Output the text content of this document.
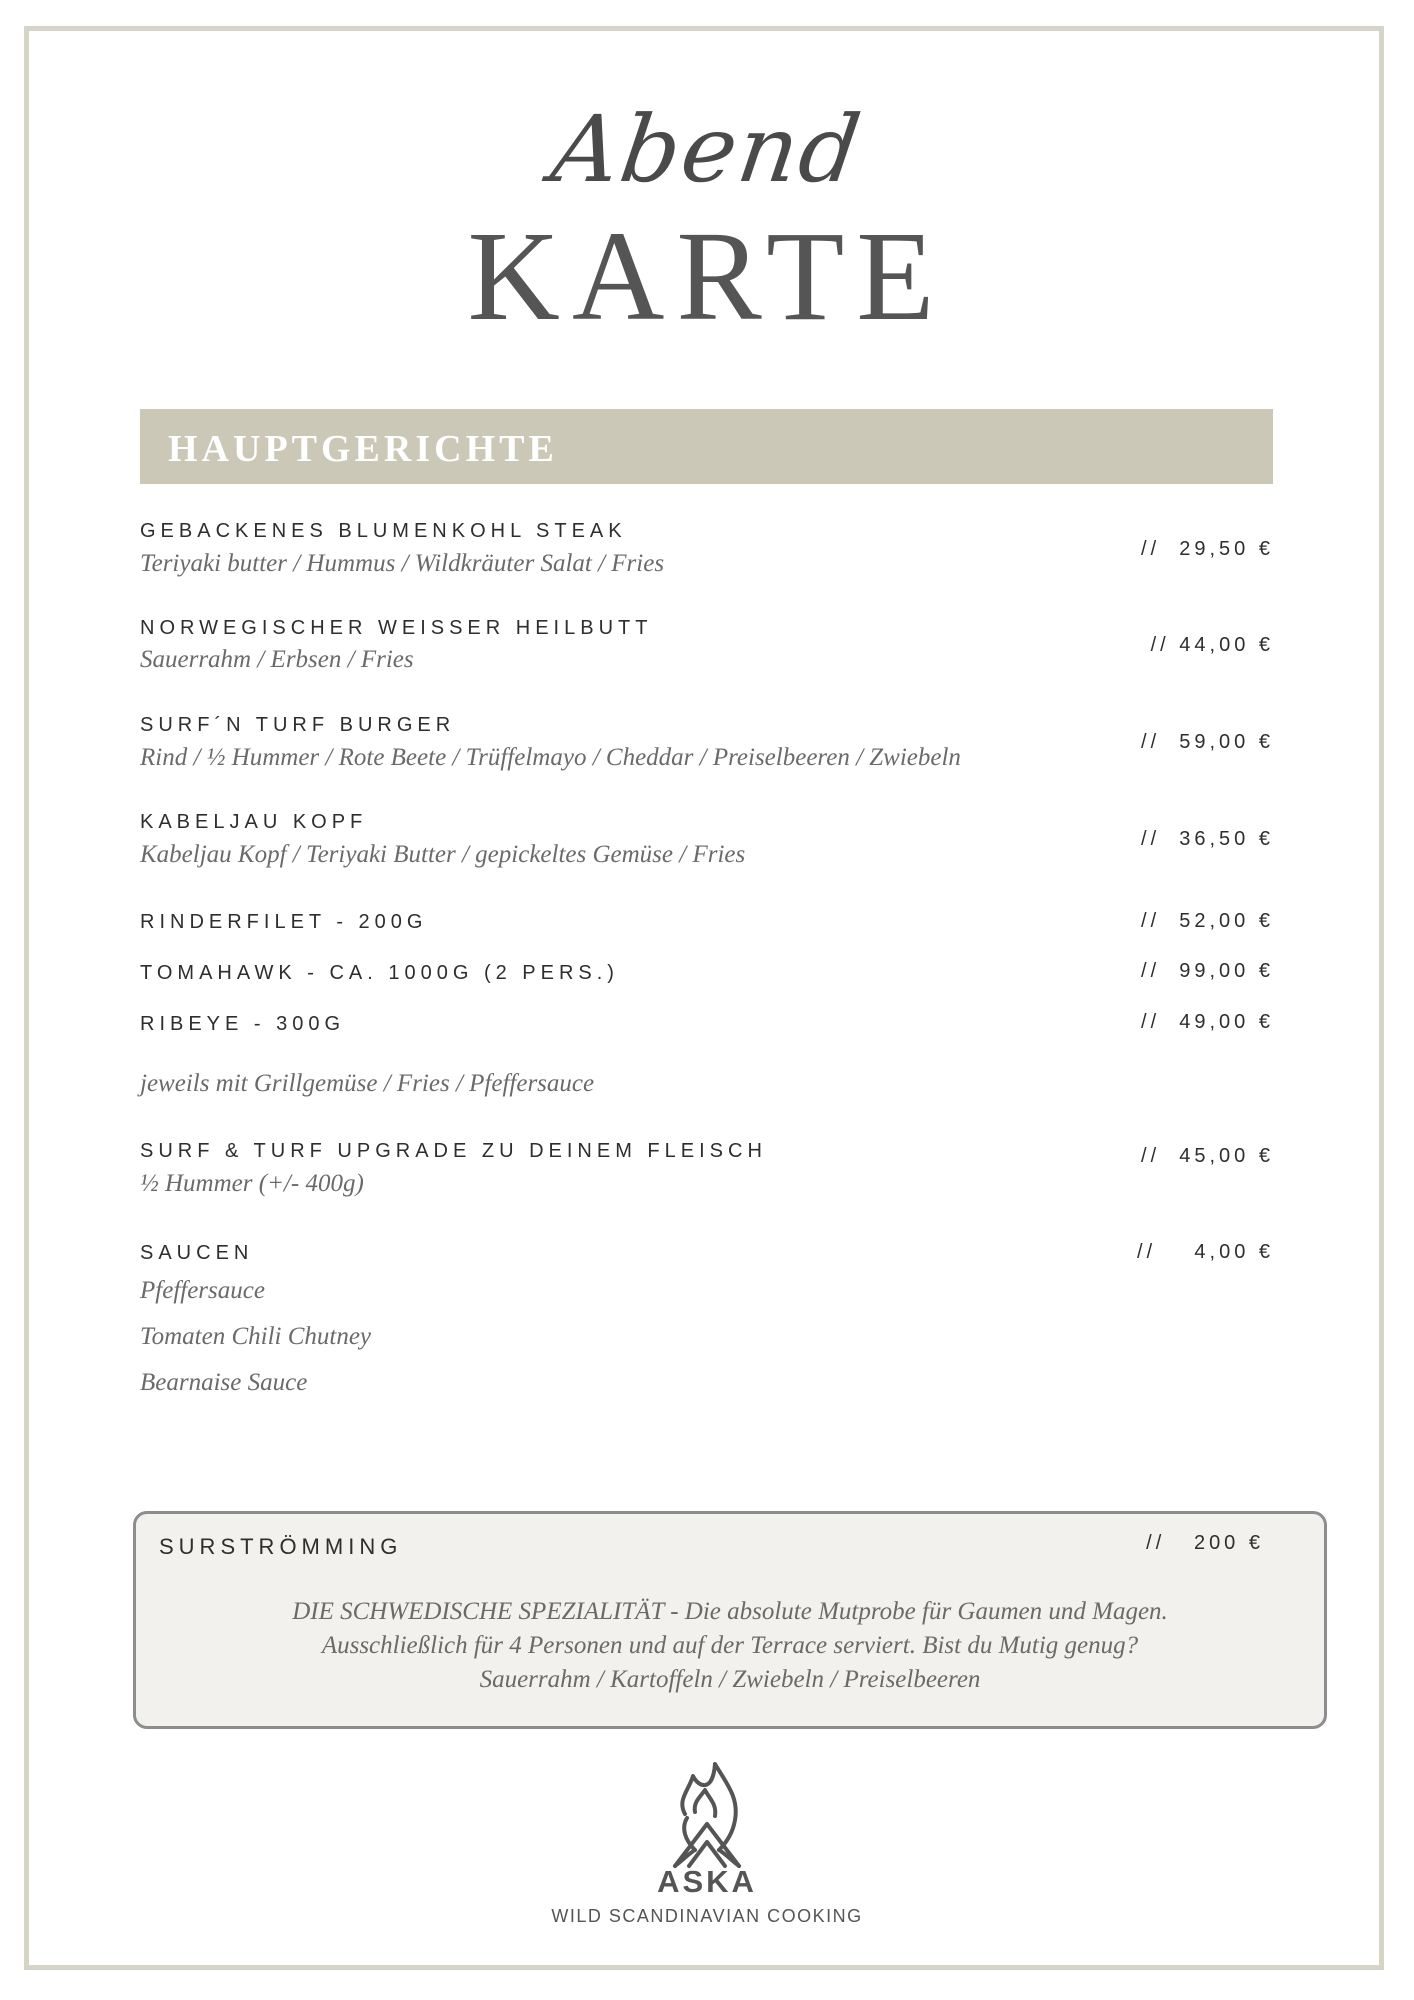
Abend
KARTE
HAUPTGERICHTE
GEBACKENES BLUMENKOHL STEAK
Teriyaki butter / Hummus / Wildkräuter Salat / Fries
//  29,50 €
NORWEGISCHER WEISSER HEILBUTT
Sauerrahm / Erbsen / Fries
// 44,00 €
SURF´N TURF BURGER
Rind / ½ Hummer / Rote Beete / Trüffelmayo / Cheddar / Preiselbeeren / Zwiebeln
//  59,00 €
KABELJAU KOPF
Kabeljau Kopf / Teriyaki Butter / gepickeltes Gemüse / Fries
//  36,50 €
RINDERFILET - 200G	//  52,00 €
TOMAHAWK - CA. 1000G (2 PERS.)	//  99,00 €
RIBEYE - 300G	//  49,00 €
jeweils mit Grillgemüse / Fries / Pfeffersauce
SURF & TURF UPGRADE ZU DEINEM FLEISCH
½ Hummer (+/- 400g)
//  45,00 €
SAUCEN	//    4,00 €
Pfeffersauce
Tomaten Chili Chutney
Bearnaise Sauce
SURSTRÖMMING	//   200 €
DIE SCHWEDISCHE SPEZIALITÄT - Die absolute Mutprobe für Gaumen und Magen.
Ausschließlich für 4 Personen und auf der Terrace serviert. Bist du Mutig genug?
Sauerrahm / Kartoffeln / Zwiebeln / Preiselbeeren
ASKA
WILD SCANDINAVIAN COOKING
